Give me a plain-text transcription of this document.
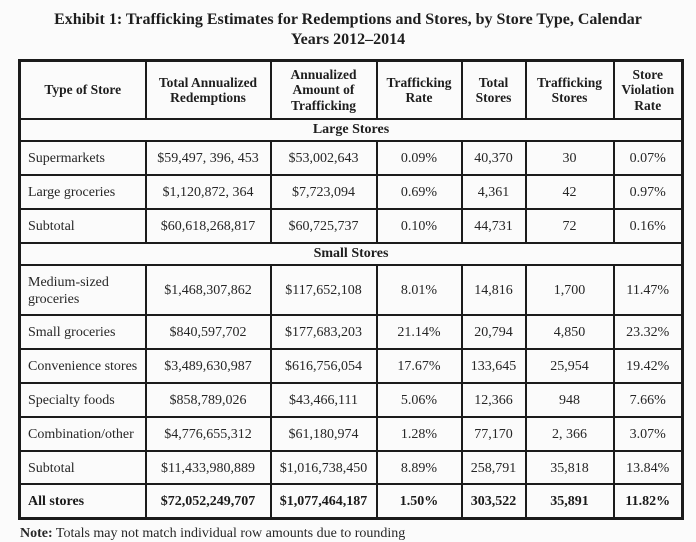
Exhibit 1: Trafficking Estimates for Redemptions and Stores, by Store Type, Calendar
Years 2012–2014
Type of Store	Total Annualized Redemptions	Annualized Amount of Trafficking	Trafficking Rate	Total Stores	Trafficking Stores	Store Violation Rate
Large Stores						
Supermarkets	$59,497, 396, 453	$53,002,643	0.09%	40,370	30	0.07%
Large groceries	$1,120,872, 364	$7,723,094	0.69%	4,361	42	0.97%
Subtotal	$60,618,268,817	$60,725,737	0.10%	44,731	72	0.16%
Small Stores						
Medium-sized groceries	$1,468,307,862	$117,652,108	8.01%	14,816	1,700	11.47%
Small groceries	$840,597,702	$177,683,203	21.14%	20,794	4,850	23.32%
Convenience stores	$3,489,630,987	$616,756,054	17.67%	133,645	25,954	19.42%
Specialty foods	$858,789,026	$43,466,111	5.06%	12,366	948	7.66%
Combination/other	$4,776,655,312	$61,180,974	1.28%	77,170	2, 366	3.07%
Subtotal	$11,433,980,889	$1,016,738,450	8.89%	258,791	35,818	13.84%
All stores	$72,052,249,707	$1,077,464,187	1.50%	303,522	35,891	11.82%
Note: Totals may not match individual row amounts due to rounding
